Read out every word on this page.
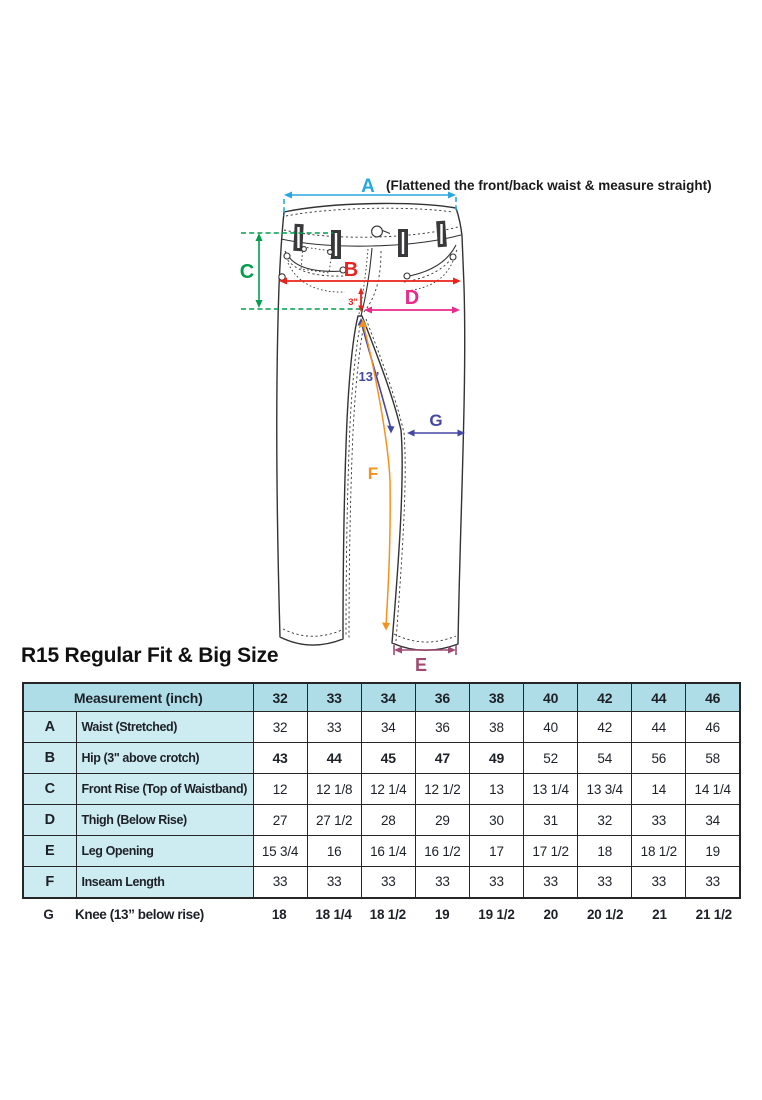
A (Flattened the front/back waist & measure straight)
C	B
3" D
13”
G
F
E
R15 Regular Fit & Big Size
Measurement (inch)		32	33	34	36	38	40	42	44	46
A	Waist (Stretched)	32	33	34	36	38	40	42	44	46
B	Hip (3" above crotch)	43	44	45	47	49	52	54	56	58
C	Front Rise (Top of Waistband)	12	12 1/8	12 1/4	12 1/2	13	13 1/4	13 3/4	14	14 1/4
D	Thigh (Below Rise)	27	27 1/2	28	29	30	31	32	33	34
E	Leg Opening	15 3/4	16	16 1/4	16 1/2	17	17 1/2	18	18 1/2	19
F	Inseam Length	33	33	33	33	33	33	33	33	33
G	Knee (13” below rise)	18	18 1/4	18 1/2	19	19 1/2	20	20 1/2	21	21 1/2
